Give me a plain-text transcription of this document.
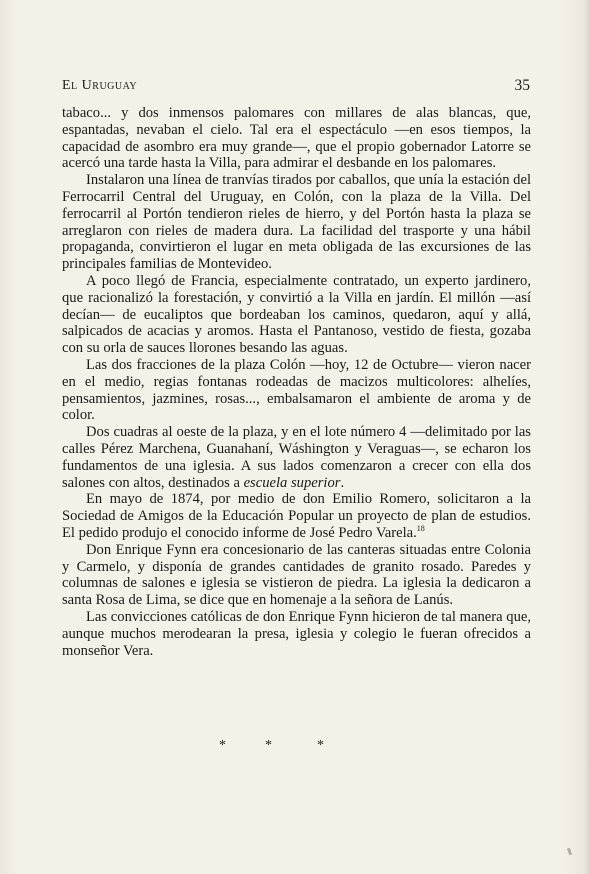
El Uruguay	35

tabaco... y dos inmensos palomares con millares de alas blancas, que, espantadas, nevaban el cielo. Tal era el espectáculo —en esos tiempos, la capacidad de asombro era muy grande—, que el propio gobernador Latorre se acercó una tarde hasta la Villa, para admirar el desbande en los palomares.

Instalaron una línea de tranvías tirados por caballos, que unía la estación del Ferrocarril Central del Uruguay, en Colón, con la plaza de la Villa. Del ferrocarril al Portón tendieron rieles de hierro, y del Portón hasta la plaza se arreglaron con rieles de madera dura. La facilidad del trasporte y una hábil propaganda, convirtieron el lugar en meta obligada de las excursiones de las principales familias de Montevideo.

A poco llegó de Francia, especialmente contratado, un experto jardinero, que racionalizó la forestación, y convirtió a la Villa en jardín. El millón —así decían— de eucaliptos que bordeaban los caminos, quedaron, aquí y allá, salpicados de acacias y aromos. Hasta el Pantanoso, vestido de fiesta, gozaba con su orla de sauces llorones besando las aguas.

Las dos fracciones de la plaza Colón —hoy, 12 de Octubre— vieron nacer en el medio, regias fontanas rodeadas de macizos multicolores: alhelíes, pensamientos, jazmines, rosas..., embalsamaron el ambiente de aroma y de color.

Dos cuadras al oeste de la plaza, y en el lote número 4 —delimitado por las calles Pérez Marchena, Guanahaní, Wáshington y Veraguas—, se echaron los fundamentos de una iglesia. A sus lados comenzaron a crecer con ella dos salones con altos, destinados a escuela superior.

En mayo de 1874, por medio de don Emilio Romero, solicitaron a la Sociedad de Amigos de la Educación Popular un proyecto de plan de estudios. El pedido produjo el conocido informe de José Pedro Varela.$^{18}$

Don Enrique Fynn era concesionario de las canteras situadas entre Colonia y Carmelo, y disponía de grandes cantidades de granito rosado. Paredes y columnas de salones e iglesia se vistieron de piedra. La iglesia la dedicaron a santa Rosa de Lima, se dice que en homenaje a la señora de Lanús.

Las convicciones católicas de don Enrique Fynn hicieron de tal manera que, aunque muchos merodearan la presa, iglesia y colegio le fueran ofrecidos a monseñor Vera.

*	*	*
